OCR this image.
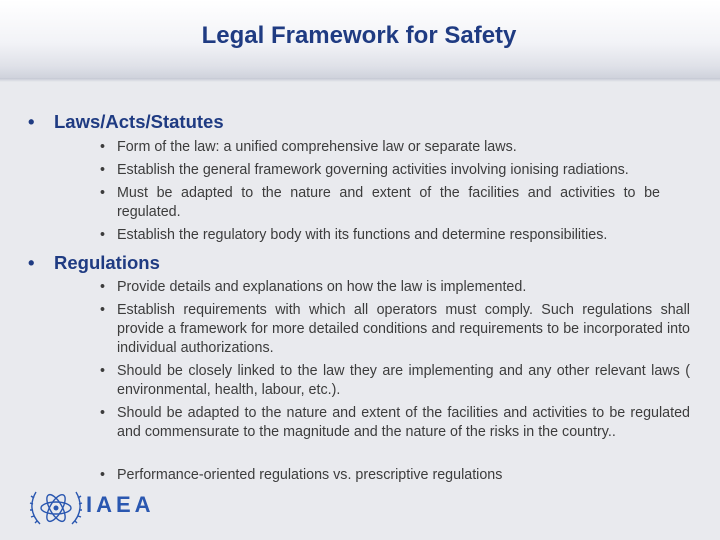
Legal Framework for Safety
• Laws/Acts/Statutes
• Form of the law: a unified comprehensive law or separate laws.
• Establish the general framework governing activities involving ionising radiations.
• Must be adapted to the nature and extent of the facilities and activities to be regulated.
• Establish the regulatory body with its functions and determine responsibilities.
• Regulations
• Provide details and explanations on how the law is implemented.
• Establish requirements with which all operators must comply. Such regulations shall provide a framework for more detailed conditions and requirements to be incorporated into individual authorizations.
• Should be closely linked to the law they are implementing and any other relevant laws ( environmental, health, labour, etc.).
• Should be adapted to the nature and extent of the facilities and activities to be regulated and commensurate to the magnitude and the nature of the risks in the country..
• Performance-oriented regulations vs. prescriptive regulations
IAEA
